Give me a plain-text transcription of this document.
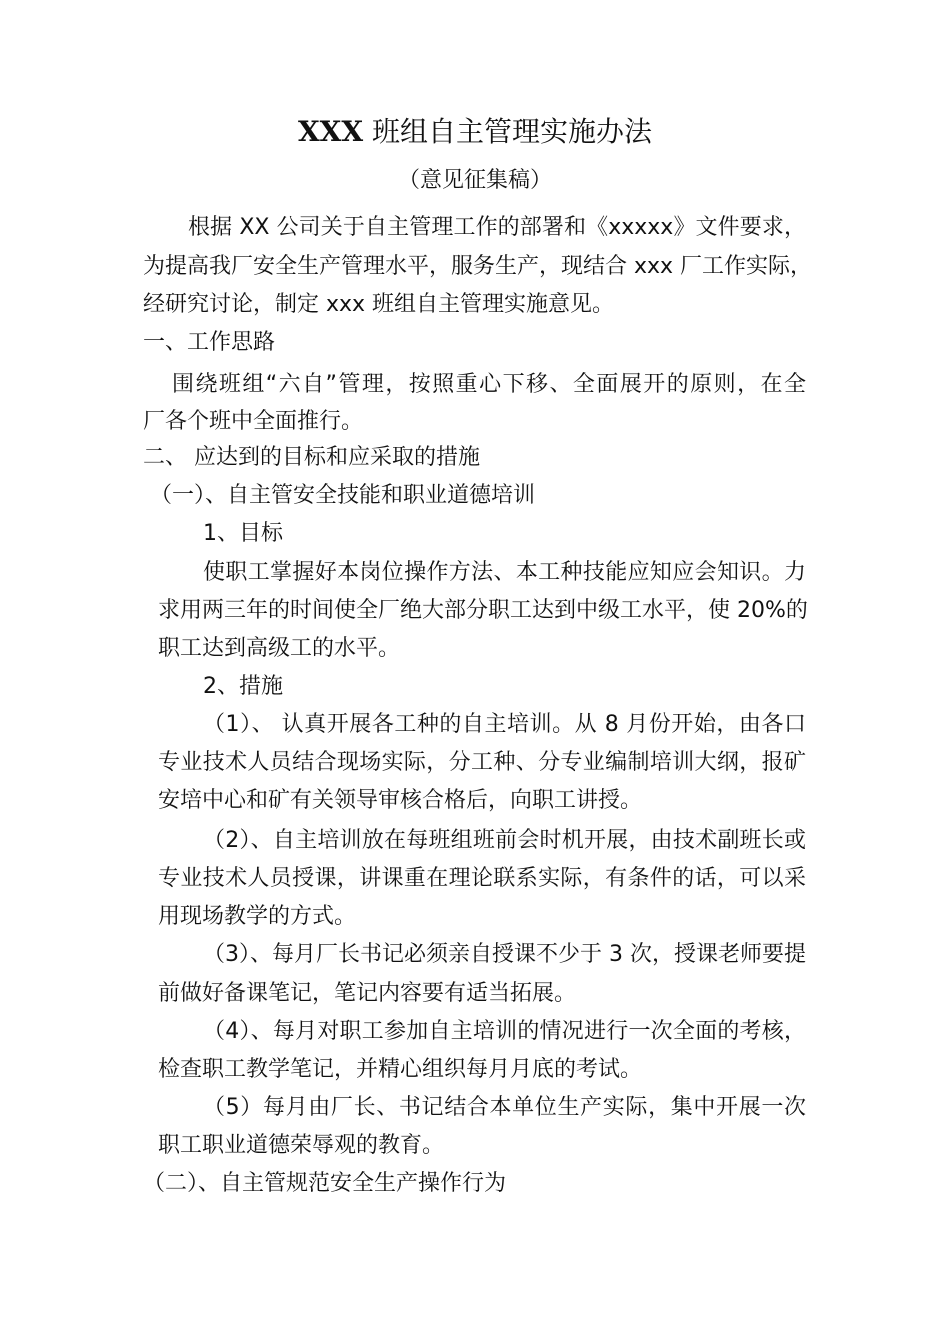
XXX 班组自主管理实施办法
（意见征集稿）
根据 XX 公司关于自主管理工作的部署和《xxxxx》文件要求，
为提高我厂安全生产管理水平，服务生产，现结合 xxx 厂工作实际，
经研究讨论，制定 xxx 班组自主管理实施意见。
一、工作思路
围绕班组“六自”管理，按照重心下移、全面展开的原则，在全
厂各个班中全面推行。
二、 应达到的目标和应采取的措施
（一）、自主管安全技能和职业道德培训
1、目标
使职工掌握好本岗位操作方法、本工种技能应知应会知识。力
求用两三年的时间使全厂绝大部分职工达到中级工水平，使 20%的
职工达到高级工的水平。
2、措施
（1）、 认真开展各工种的自主培训。从 8 月份开始，由各口
专业技术人员结合现场实际，分工种、分专业编制培训大纲，报矿
安培中心和矿有关领导审核合格后，向职工讲授。
（2）、自主培训放在每班组班前会时机开展，由技术副班长或
专业技术人员授课，讲课重在理论联系实际，有条件的话，可以采
用现场教学的方式。
（3）、每月厂长书记必须亲自授课不少于 3 次，授课老师要提
前做好备课笔记，笔记内容要有适当拓展。
（4）、每月对职工参加自主培训的情况进行一次全面的考核，
检查职工教学笔记，并精心组织每月月底的考试。
（5）每月由厂长、书记结合本单位生产实际，集中开展一次
职工职业道德荣辱观的教育。
（二）、自主管规范安全生产操作行为
